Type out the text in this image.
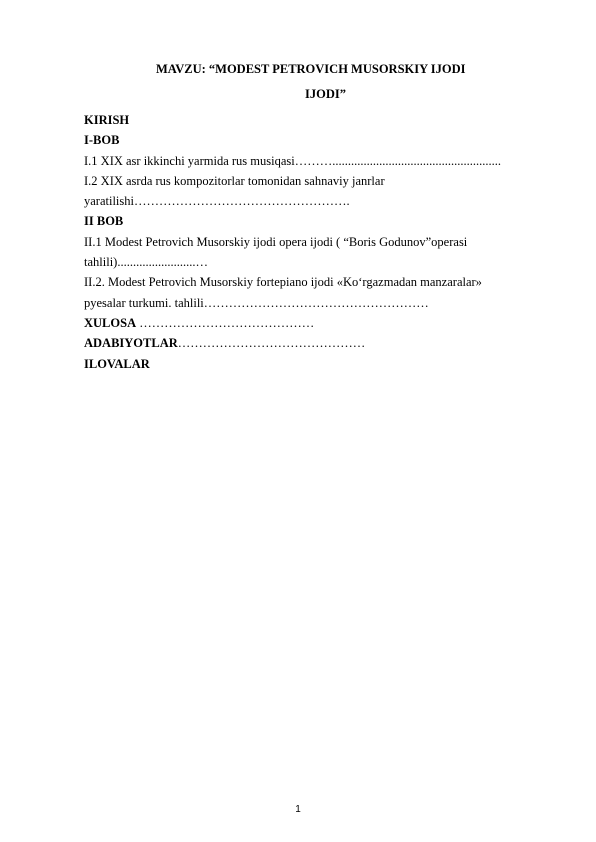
MAVZU: “MODEST PETROVICH MUSORSKIY IJODI
IJODI”
KIRISH
I-BOB
I.1 XIX asr ikkinchi yarmida rus musiqasi………......................................................
I.2 XIX asrda rus kompozitorlar tomonidan sahnaviy janrlar
yaratilishi…………………………………………….
II BOB
II.1 Modest Petrovich Musorskiy ijodi opera ijodi ( “Boris Godunov”operasi
tahlili).........................…
II.2. Modest Petrovich Musorskiy fortepiano ijodi «Ko‘rgazmadan manzaralar»
pyesalar turkumi. tahlili………………………………………………
XULOSA ……………………………………
ADABIYOTLAR………………………………………
ILOVALAR
1
